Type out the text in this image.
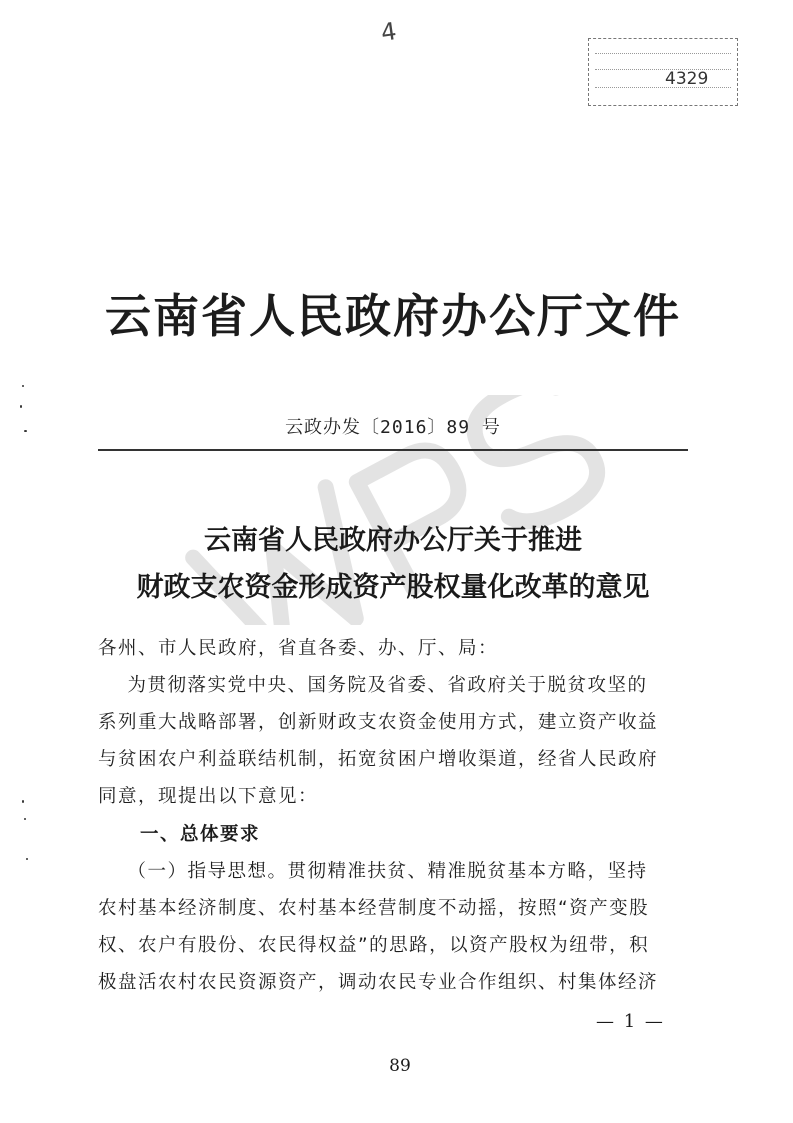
4
4329
云南省人民政府办公厅文件
云政办发〔2016〕89 号
云南省人民政府办公厅关于推进
财政支农资金形成资产股权量化改革的意见
各州、市人民政府，省直各委、办、厅、局：
为贯彻落实党中央、国务院及省委、省政府关于脱贫攻坚的
系列重大战略部署，创新财政支农资金使用方式，建立资产收益
与贫困农户利益联结机制，拓宽贫困户增收渠道，经省人民政府
同意，现提出以下意见：
一、总体要求
（一）指导思想。贯彻精准扶贫、精准脱贫基本方略，坚持
农村基本经济制度、农村基本经营制度不动摇，按照“资产变股
权、农户有股份、农民得权益”的思路，以资产股权为纽带，积
极盘活农村农民资源资产，调动农民专业合作组织、村集体经济
— 1 —
89
